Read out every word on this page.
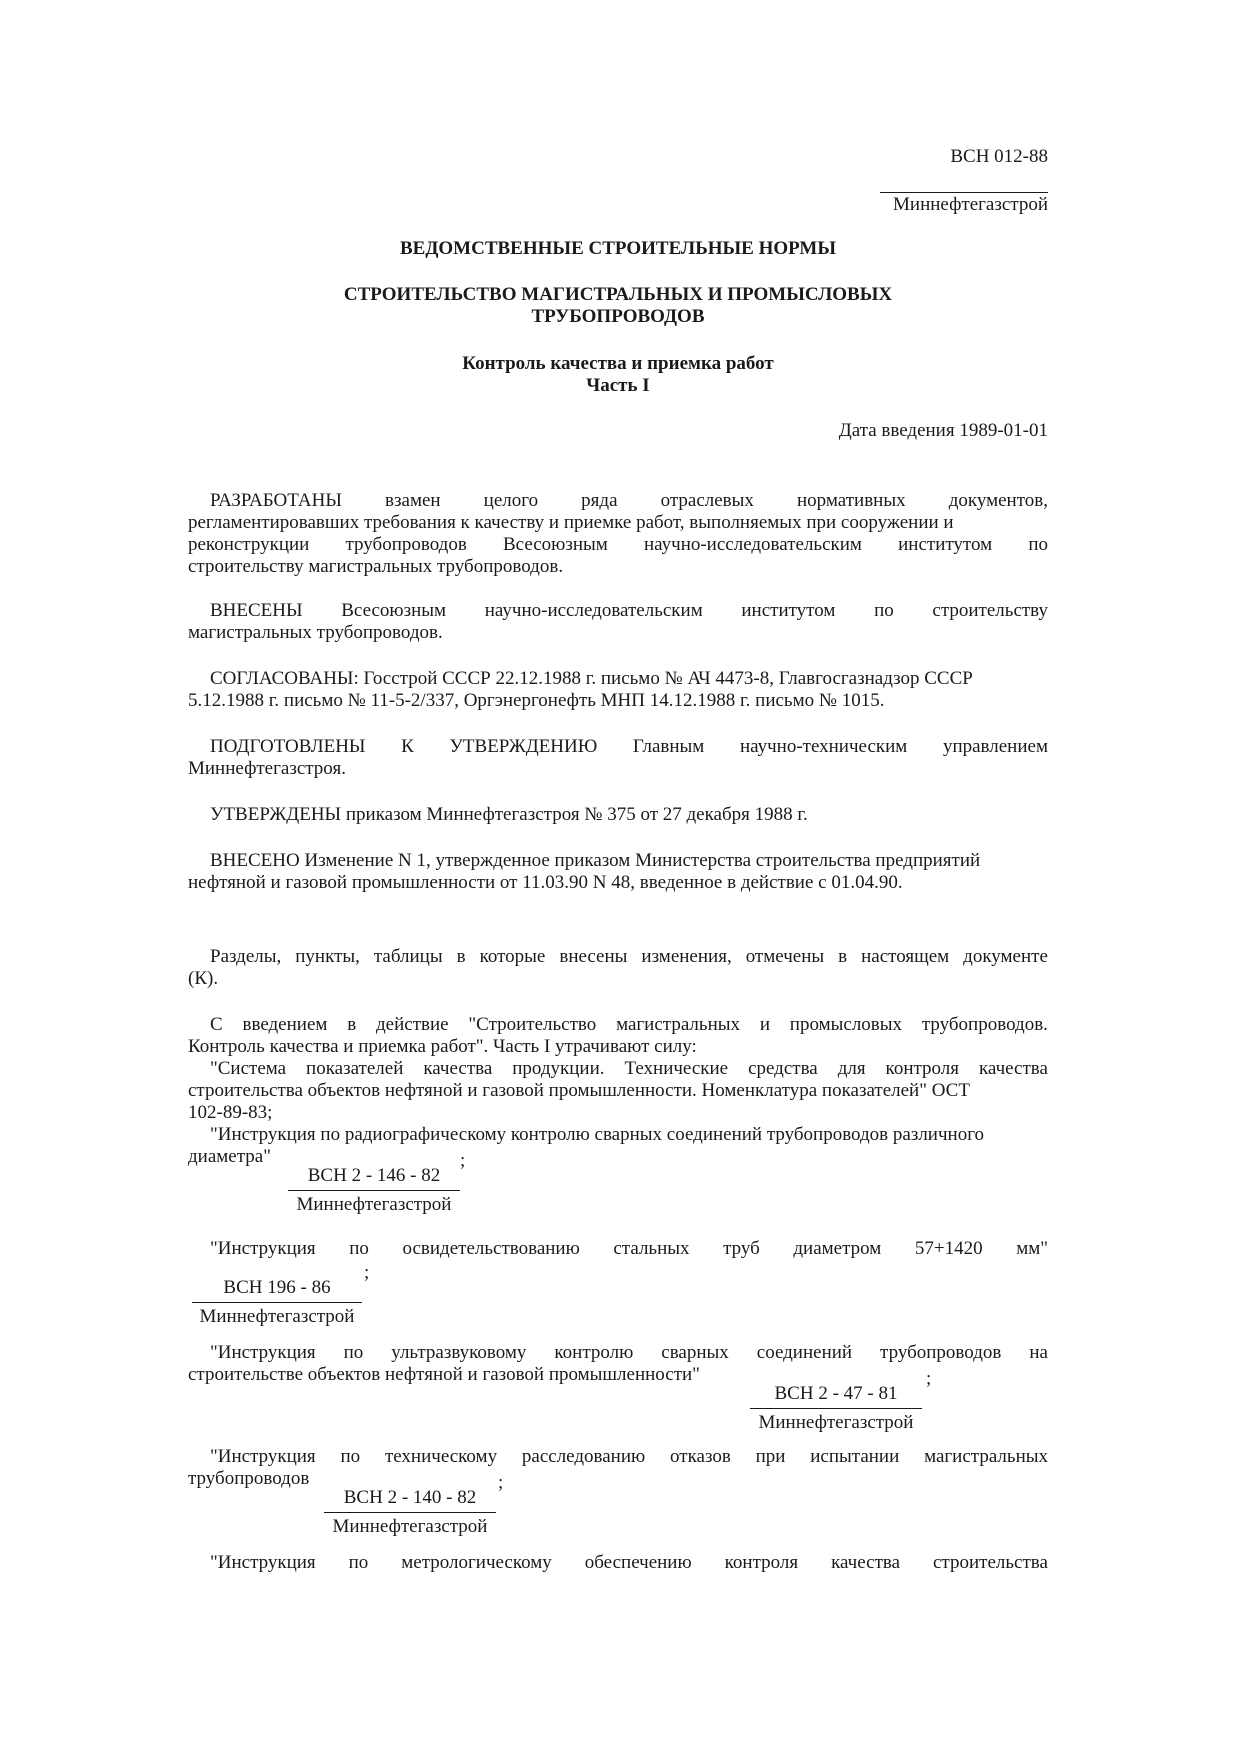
ВСН 012-88
Миннефтегазстрой
ВЕДОМСТВЕННЫЕ СТРОИТЕЛЬНЫЕ НОРМЫ
СТРОИТЕЛЬСТВО МАГИСТРАЛЬНЫХ И ПРОМЫСЛОВЫХ
ТРУБОПРОВОДОВ
Контроль качества и приемка работ
Часть I
Дата введения 1989-01-01
РАЗРАБОТАНЫ взамен целого ряда отраслевых нормативных документов,
регламентировавших требования к качеству и приемке работ, выполняемых при сооружении и
реконструкции трубопроводов Всесоюзным научно-исследовательским институтом по
строительству магистральных трубопроводов.
ВНЕСЕНЫ Всесоюзным научно-исследовательским институтом по строительству
магистральных трубопроводов.
СОГЛАСОВАНЫ: Госстрой СССР 22.12.1988 г. письмо № АЧ 4473-8, Главгосгазнадзор СССР
5.12.1988 г. письмо № 11-5-2/337, Оргэнергонефть МНП 14.12.1988 г. письмо № 1015.
ПОДГОТОВЛЕНЫ К УТВЕРЖДЕНИЮ Главным научно-техническим управлением
Миннефтегазстроя.
УТВЕРЖДЕНЫ приказом Миннефтегазстроя № 375 от 27 декабря 1988 г.
ВНЕСЕНО Изменение N 1, утвержденное приказом Министерства строительства предприятий
нефтяной и газовой промышленности от 11.03.90 N 48, введенное в действие с 01.04.90.
Разделы, пункты, таблицы в которые внесены изменения, отмечены в настоящем документе
(К).
С введением в действие "Строительство магистральных и промысловых трубопроводов.
Контроль качества и приемка работ". Часть I утрачивают силу:
"Система показателей качества продукции. Технические средства для контроля качества
строительства объектов нефтяной и газовой промышленности. Номенклатура показателей" ОСТ
102-89-83;
"Инструкция по радиографическому контролю сварных соединений трубопроводов различного
диаметра"	;
ВСН 2 - 146 - 82
Миннефтегазстрой
"Инструкция по освидетельствованию стальных труб диаметром 57+1420 мм"
;
ВСН 196 - 86
Миннефтегазстрой
"Инструкция по ультразвуковому контролю сварных соединений трубопроводов на
строительстве объектов нефтяной и газовой промышленности"	;
ВСН 2 - 47 - 81
Миннефтегазстрой
"Инструкция по техническому расследованию отказов при испытании магистральных
трубопроводов	;
ВСН 2 - 140 - 82
Миннефтегазстрой
"Инструкция по метрологическому обеспечению контроля качества строительства
